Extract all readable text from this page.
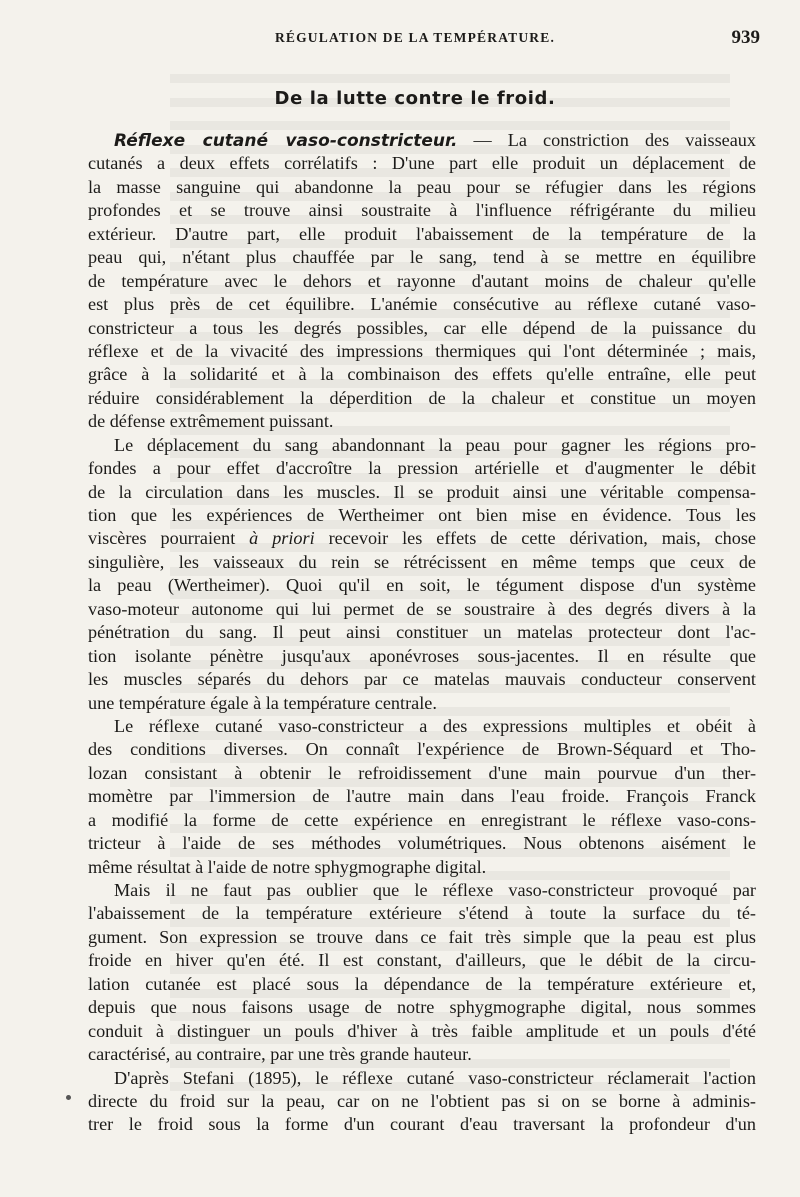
RÉGULATION DE LA TEMPÉRATURE.	939
De la lutte contre le froid.
Réflexe cutané vaso-constricteur. — La constriction des vaisseaux
cutanés a deux effets corrélatifs : D'une part elle produit un déplacement de
la masse sanguine qui abandonne la peau pour se réfugier dans les régions
profondes et se trouve ainsi soustraite à l'influence réfrigérante du milieu
extérieur. D'autre part, elle produit l'abaissement de la température de la
peau qui, n'étant plus chauffée par le sang, tend à se mettre en équilibre
de température avec le dehors et rayonne d'autant moins de chaleur qu'elle
est plus près de cet équilibre. L'anémie consécutive au réflexe cutané vaso-
constricteur a tous les degrés possibles, car elle dépend de la puissance du
réflexe et de la vivacité des impressions thermiques qui l'ont déterminée ; mais,
grâce à la solidarité et à la combinaison des effets qu'elle entraîne, elle peut
réduire considérablement la déperdition de la chaleur et constitue un moyen
de défense extrêmement puissant.
Le déplacement du sang abandonnant la peau pour gagner les régions pro-
fondes a pour effet d'accroître la pression artérielle et d'augmenter le débit
de la circulation dans les muscles. Il se produit ainsi une véritable compensa-
tion que les expériences de Wertheimer ont bien mise en évidence. Tous les
viscères pourraient à priori recevoir les effets de cette dérivation, mais, chose
singulière, les vaisseaux du rein se rétrécissent en même temps que ceux de
la peau (Wertheimer). Quoi qu'il en soit, le tégument dispose d'un système
vaso-moteur autonome qui lui permet de se soustraire à des degrés divers à la
pénétration du sang. Il peut ainsi constituer un matelas protecteur dont l'ac-
tion isolante pénètre jusqu'aux aponévroses sous-jacentes. Il en résulte que
les muscles séparés du dehors par ce matelas mauvais conducteur conservent
une température égale à la température centrale.
Le réflexe cutané vaso-constricteur a des expressions multiples et obéit à
des conditions diverses. On connaît l'expérience de Brown-Séquard et Tho-
lozan consistant à obtenir le refroidissement d'une main pourvue d'un ther-
momètre par l'immersion de l'autre main dans l'eau froide. François Franck
a modifié la forme de cette expérience en enregistrant le réflexe vaso-cons-
tricteur à l'aide de ses méthodes volumétriques. Nous obtenons aisément le
même résultat à l'aide de notre sphygmographe digital.
Mais il ne faut pas oublier que le réflexe vaso-constricteur provoqué par
l'abaissement de la température extérieure s'étend à toute la surface du té-
gument. Son expression se trouve dans ce fait très simple que la peau est plus
froide en hiver qu'en été. Il est constant, d'ailleurs, que le débit de la circu-
lation cutanée est placé sous la dépendance de la température extérieure et,
depuis que nous faisons usage de notre sphygmographe digital, nous sommes
conduit à distinguer un pouls d'hiver à très faible amplitude et un pouls d'été
caractérisé, au contraire, par une très grande hauteur.
D'après Stefani (1895), le réflexe cutané vaso-constricteur réclamerait l'action
directe du froid sur la peau, car on ne l'obtient pas si on se borne à adminis-
trer le froid sous la forme d'un courant d'eau traversant la profondeur d'un
